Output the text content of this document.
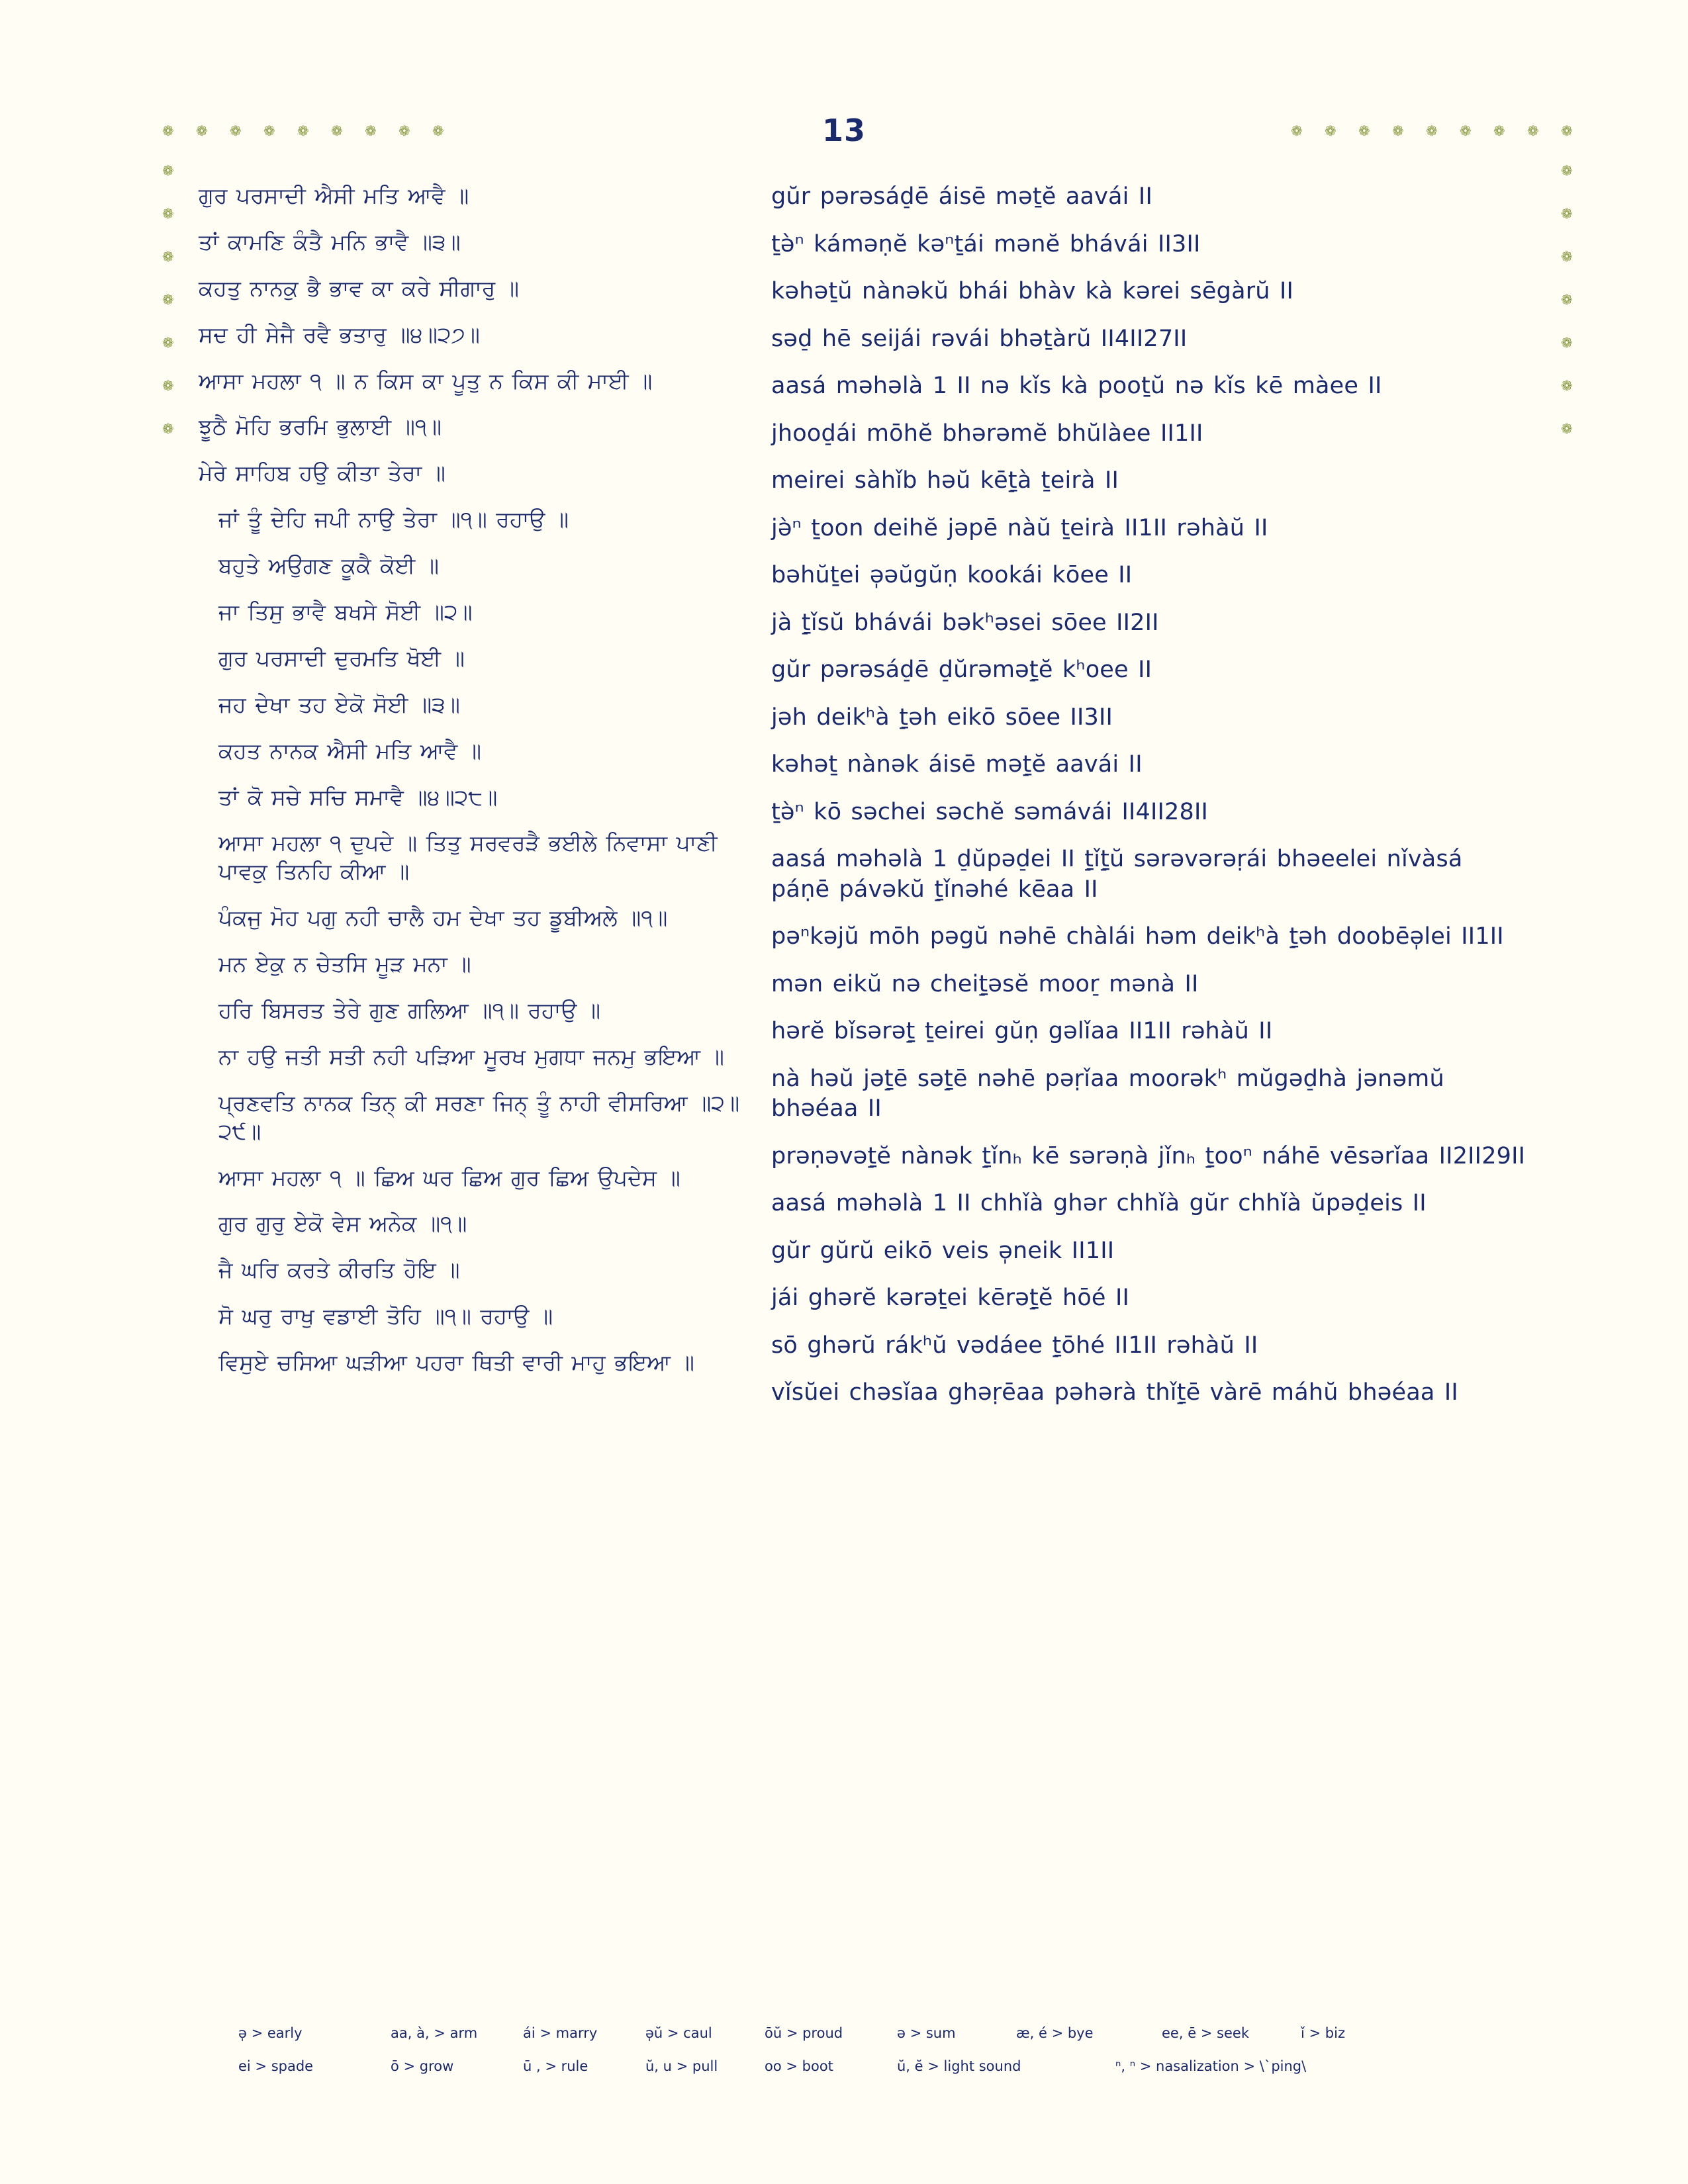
13
❁
❁
❁
❁
❁
❁
❁
❁
❁
❁
❁
❁
❁
❁
❁
❁
❁
❁
❁
❁
❁
❁
❁
❁
❁
❁
❁
❁
❁
❁
❁
❁
ਗੁਰ ਪਰਸਾਦੀ ਐਸੀ ਮਤਿ ਆਵੈ ॥
ਤਾਂ ਕਾਮਣਿ ਕੰਤੈ ਮਨਿ ਭਾਵੈ ॥੩॥
ਕਹਤੁ ਨਾਨਕੁ ਭੈ ਭਾਵ ਕਾ ਕਰੇ ਸੀਗਾਰੁ ॥
ਸਦ ਹੀ ਸੇਜੈ ਰਵੈ ਭਤਾਰੁ ॥੪॥੨੭॥
ਆਸਾ ਮਹਲਾ ੧ ॥ ਨ ਕਿਸ ਕਾ ਪੂਤੁ ਨ ਕਿਸ ਕੀ ਮਾਈ ॥
ਝੂਠੈ ਮੋਹਿ ਭਰਮਿ ਭੁਲਾਈ ॥੧॥
ਮੇਰੇ ਸਾਹਿਬ ਹਉ ਕੀਤਾ ਤੇਰਾ ॥
ਜਾਂ ਤੂੰ ਦੇਹਿ ਜਪੀ ਨਾਉ ਤੇਰਾ ॥੧॥ ਰਹਾਉ ॥
ਬਹੁਤੇ ਅਉਗਣ ਕੂਕੈ ਕੋਈ ॥
ਜਾ ਤਿਸੁ ਭਾਵੈ ਬਖਸੇ ਸੋਈ ॥੨॥
ਗੁਰ ਪਰਸਾਦੀ ਦੁਰਮਤਿ ਖੋਈ ॥
ਜਹ ਦੇਖਾ ਤਹ ਏਕੋ ਸੋਈ ॥੩॥
ਕਹਤ ਨਾਨਕ ਐਸੀ ਮਤਿ ਆਵੈ ॥
ਤਾਂ ਕੋ ਸਚੇ ਸਚਿ ਸਮਾਵੈ ॥੪॥੨੮॥
ਆਸਾ ਮਹਲਾ ੧ ਦੁਪਦੇ ॥ ਤਿਤੁ ਸਰਵਰੜੈ ਭਈਲੇ ਨਿਵਾਸਾ ਪਾਣੀ ਪਾਵਕੁ ਤਿਨਹਿ ਕੀਆ ॥
ਪੰਕਜੁ ਮੋਹ ਪਗੁ ਨਹੀ ਚਾਲੈ ਹਮ ਦੇਖਾ ਤਹ ਡੂਬੀਅਲੇ ॥੧॥
ਮਨ ਏਕੁ ਨ ਚੇਤਸਿ ਮੂੜ ਮਨਾ ॥
ਹਰਿ ਬਿਸਰਤ ਤੇਰੇ ਗੁਣ ਗਲਿਆ ॥੧॥ ਰਹਾਉ ॥
ਨਾ ਹਉ ਜਤੀ ਸਤੀ ਨਹੀ ਪੜਿਆ ਮੂਰਖ ਮੁਗਧਾ ਜਨਮੁ ਭਇਆ ॥
ਪ੍ਰਣਵਤਿ ਨਾਨਕ ਤਿਨ੍ ਕੀ ਸਰਣਾ ਜਿਨ੍ ਤੂੰ ਨਾਹੀ ਵੀਸਰਿਆ ॥੨॥੨੯॥
ਆਸਾ ਮਹਲਾ ੧ ॥ ਛਿਅ ਘਰ ਛਿਅ ਗੁਰ ਛਿਅ ਉਪਦੇਸ ॥
ਗੁਰ ਗੁਰੁ ਏਕੋ ਵੇਸ ਅਨੇਕ ॥੧॥
ਜੈ ਘਰਿ ਕਰਤੇ ਕੀਰਤਿ ਹੋਇ ॥
ਸੋ ਘਰੁ ਰਾਖੁ ਵਡਾਈ ਤੋਹਿ ॥੧॥ ਰਹਾਉ ॥
ਵਿਸੁਏ ਚਸਿਆ ਘੜੀਆ ਪਹਰਾ ਥਿਤੀ ਵਾਰੀ ਮਾਹੁ ਭਇਆ ॥
gŭr pərəsád̠ē áisē məṯĕ aavái II
ṯə̀ⁿ káməṇĕ kəⁿṯái mənĕ bhávái II3II
kəhəṯŭ nànəkŭ bhái bhàv kà kərei sēgàrŭ II
səd̠ hē seijái rəvái bhəṯàrŭ II4II27II
aasá məhəlà 1 II nə kǐs kà pooṯŭ nə kǐs kē màee II
jhood̠ái mōhĕ bhərəmĕ bhŭlàee II1II
meirei sàhǐb həŭ kēṯ̠à ṯeirà II
jə̀ⁿ ṯoon deihĕ jəpē nàŭ ṯeirà II1II rəhàŭ II
bəhŭṯei ə̩əŭgŭṇ kookái kōee II
jà ṯ̠ǐsŭ bhávái bəkʰəsei sōee II2II
gŭr pərəsád̠ē d̠ŭrəməṯ̠ĕ kʰoee II
jəh deikʰà ṯ̠əh eikō sōee II3II
kəhəṯ nànək áisē məṯ̠ĕ aavái II
ṯə̀ⁿ kō səchei səchĕ səmávái II4II28II
aasá məhəlà 1 d̠ŭpəd̠ei II ṯ̠ǐṯ̠ŭ sərəvərəṛái bhəeelei nǐvàsá páṇē pávəkŭ ṯ̠ǐnəhé kēaa II
pəⁿkəjŭ mōh pəgŭ nəhē chàlái həm deikʰà ṯ̠əh doobēə̩lei II1II
mən eikŭ nə cheiṯ̠əsĕ moor̠ mənà II
hərĕ bǐsərəṯ̠ ṯeirei gŭṇ gəlǐaa II1II rəhàŭ II
nà həŭ jəṯ̠ē səṯ̠ē nəhē pəṛǐaa moorəkʰ mŭgəd̠hà jənəmŭ bhəéaa II
prəṇəvəṯ̠ĕ nànək ṯ̠ǐnₕ kē sərəṇà jǐnₕ ṯ̠ooⁿ náhē vēsərǐaa II2II29II
aasá məhəlà 1 II chhǐà ghər chhǐà gŭr chhǐà ŭpəd̠eis II
gŭr gŭrŭ eikō veis ə̩neik II1II
jái ghərĕ kərəṯei kērəṯ̠ĕ hōé II
sō ghərŭ rákʰŭ vədáee ṯ̠ōhé II1II rəhàŭ II
vǐsŭei chəsǐaa ghəṛēaa pəhərà thǐṯ̠ē vàrē máhŭ bhəéaa II
ə̩ > early	aa, à, > arm	ái > marry	ə̩ŭ > caul	ōŭ > proud	ə > sum	æ, é > bye	ee, ē > seek	ǐ > biz
ei > spade	ō > grow	ū , > rule	ŭ, u > pull	oo > boot	ŭ, ĕ > light sound	ⁿ, ⁿ > nasalization > \`ping\
